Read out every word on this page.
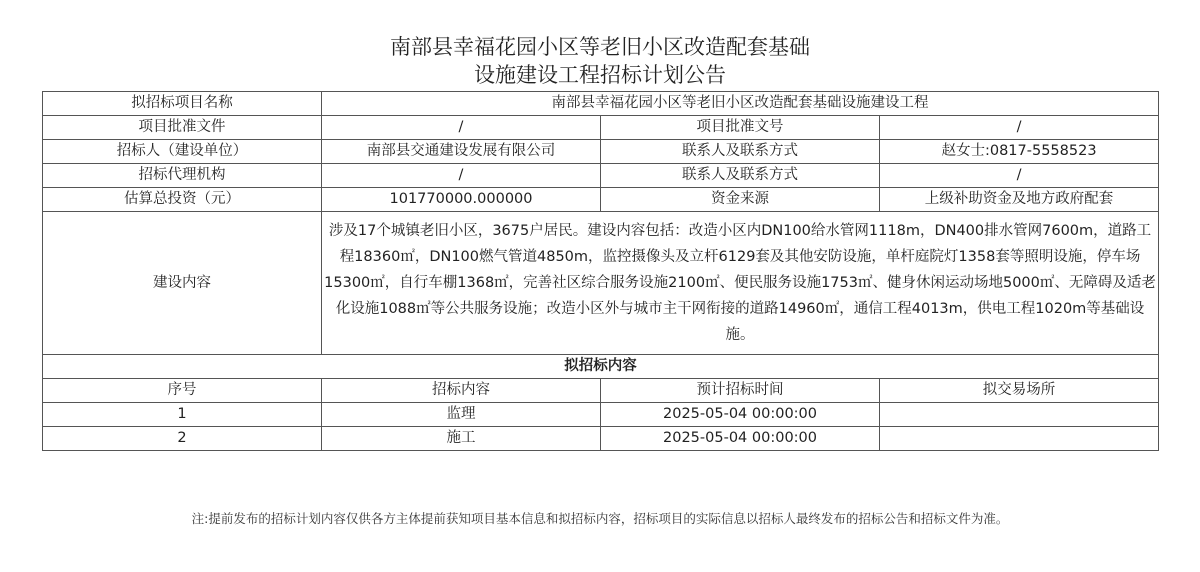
南部县幸福花园小区等老旧小区改造配套基础
设施建设工程招标计划公告
拟招标项目名称	南部县幸福花园小区等老旧小区改造配套基础设施建设工程		
项目批准文件	/	项目批准文号	/
招标人（建设单位）	南部县交通建设发展有限公司	联系人及联系方式	赵女士:0817-5558523
招标代理机构	/	联系人及联系方式	/
估算总投资（元）	101770000.000000	资金来源	上级补助资金及地方政府配套
建设内容	涉及17个城镇老旧小区，3675户居民。建设内容包括：改造小区内DN100给水管网1118m，DN400排水管网7600m，道路工程18360㎡，DN100燃气管道4850m，监控摄像头及立杆6129套及其他安防设施，单杆庭院灯1358套等照明设施，停车场15300㎡，自行车棚1368㎡，完善社区综合服务设施2100㎡、便民服务设施1753㎡、健身休闲运动场地5000㎡、无障碍及适老化设施1088㎡等公共服务设施；改造小区外与城市主干网衔接的道路14960㎡，通信工程4013m，供电工程1020m等基础设施。		
拟招标内容			
序号	招标内容	预计招标时间	拟交易场所
1	监理	2025-05-04 00:00:00	
2	施工	2025-05-04 00:00:00	
注:提前发布的招标计划内容仅供各方主体提前获知项目基本信息和拟招标内容，招标项目的实际信息以招标人最终发布的招标公告和招标文件为准。
